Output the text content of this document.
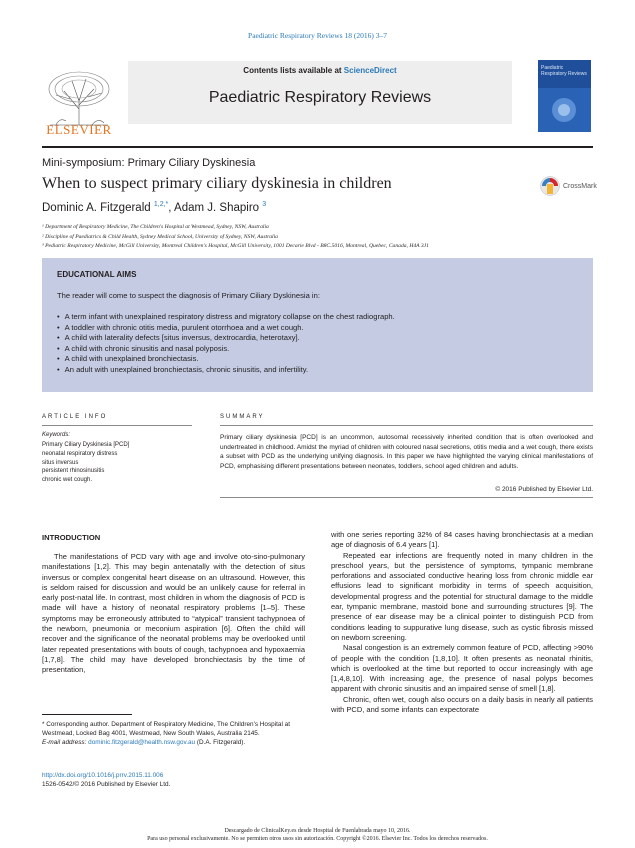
Paediatric Respiratory Reviews 18 (2016) 3–7
ELSEVIER
Contents lists available at ScienceDirect
Paediatric Respiratory Reviews
Paediatric Respiratory Reviews
Mini-symposium: Primary Ciliary Dyskinesia
When to suspect primary ciliary dyskinesia in children	CrossMark
Dominic A. Fitzgerald $^{1,2,*}$, Adam J. Shapiro $^3$
¹ Department of Respiratory Medicine, The Children's Hospital at Westmead, Sydney, NSW, Australia
² Discipline of Paediatrics & Child Health, Sydney Medical School, University of Sydney, NSW, Australia
³ Pediatric Respiratory Medicine, McGill University, Montreal Children's Hospital, McGill University, 1001 Decarie Blvd - B8C.5016, Montreal, Quebec, Canada, H4A 3J1
EDUCATIONAL AIMS
The reader will come to suspect the diagnosis of Primary Ciliary Dyskinesia in:
• A term infant with unexplained respiratory distress and migratory collapse on the chest radiograph.
• A toddler with chronic otitis media, purulent otorrhoea and a wet cough.
• A child with laterality defects [situs inversus, dextrocardia, heterotaxy].
• A child with chronic sinusitis and nasal polyposis.
• A child with unexplained bronchiectasis.
• An adult with unexplained bronchiectasis, chronic sinusitis, and infertility.
ARTICLE INFO	SUMMARY
Keywords:
Primary Ciliary Dyskinesia [PCD]
neonatal respiratory distress
situs inversus
persistent rhinosinusitis
chronic wet cough.
Primary ciliary dyskinesia [PCD] is an uncommon, autosomal recessively inherited condition that is often overlooked and undertreated in childhood. Amidst the myriad of children with coloured nasal secretions, otitis media and a wet cough, there exists a subset with PCD as the underlying unifying diagnosis. In this paper we have highlighted the varying clinical manifestations of PCD, emphasising different presentations between neonates, toddlers, school aged children and adults.
© 2016 Published by Elsevier Ltd.
INTRODUCTION

The manifestations of PCD vary with age and involve oto-sino-pulmonary manifestations [1,2]. This may begin antenatally with the detection of situs inversus or complex congenital heart disease on an ultrasound. However, this is seldom raised for discussion and would be an unlikely cause for referral in early post-natal life. In contrast, most children in whom the diagnosis of PCD is made will have a history of neonatal respiratory problems [1–5]. These symptoms may be erroneously attributed to “atypical” transient tachypnoea of the newborn, pneumonia or meconium aspiration [6]. Often the child will recover and the significance of the neonatal problems may be overlooked until later repeated presentations with bouts of cough, tachypnoea and hypoxaemia [1,7,8]. The child may have developed bronchiectasis by the time of presentation,

with one series reporting 32% of 84 cases having bronchiectasis at a median age of diagnosis of 6.4 years [1].

Repeated ear infections are frequently noted in many children in the preschool years, but the persistence of symptoms, tympanic membrane perforations and associated conductive hearing loss from chronic middle ear effusions lead to significant morbidity in terms of speech acquisition, developmental progress and the potential for structural damage to the middle ear, tympanic membrane, mastoid bone and surrounding structures [9]. The presence of ear disease may be a clinical pointer to distinguish PCD from conditions leading to suppurative lung disease, such as cystic fibrosis missed on newborn screening.

Nasal congestion is an extremely common feature of PCD, affecting >90% of people with the condition [1,8,10]. It often presents as neonatal rhinitis, which is overlooked at the time but reported to occur increasingly with age [1,4,8,10]. With increasing age, the presence of nasal polyps becomes apparent with chronic sinusitis and an impaired sense of smell [1,8].

Chronic, often wet, cough also occurs on a daily basis in nearly all patients with PCD, and some infants can expectorate

* Corresponding author. Department of Respiratory Medicine, The Children's Hospital at Westmead, Locked Bag 4001, Westmead, New South Wales, Australia 2145.
E-mail address: dominic.fitzgerald@health.nsw.gov.au (D.A. Fitzgerald).
http://dx.doi.org/10.1016/j.prrv.2015.11.006
1526-0542/© 2016 Published by Elsevier Ltd.
Descargado de ClinicalKey.es desde Hospital de Fuenlabrada mayo 10, 2016.
Para uso personal exclusivamente. No se permiten otros usos sin autorización. Copyright ©2016. Elsevier Inc. Todos los derechos reservados.
